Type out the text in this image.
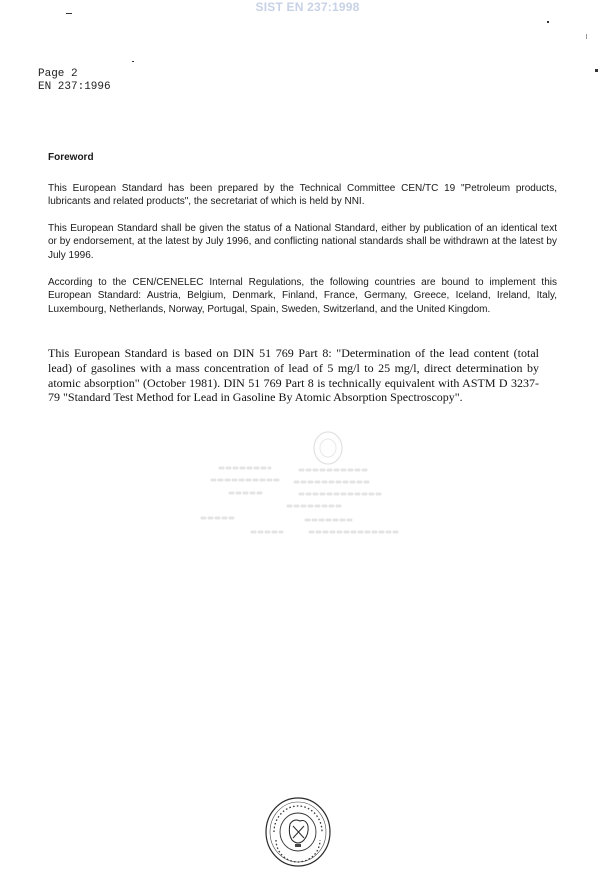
SIST EN 237:1998
Page 2
EN 237:1996
Foreword
This European Standard has been prepared by the Technical Committee CEN/TC 19 "Petroleum products, lubricants and related products", the secretariat of which is held by NNI.
This European Standard shall be given the status of a National Standard, either by publication of an identical text or by endorsement, at the latest by July 1996, and conflicting national standards shall be withdrawn at the latest by July 1996.
According to the CEN/CENELEC Internal Regulations, the following countries are bound to implement this European Standard: Austria, Belgium, Denmark, Finland, France, Germany, Greece, Iceland, Ireland, Italy, Luxembourg, Netherlands, Norway, Portugal, Spain, Sweden, Switzerland, and the United Kingdom.
This European Standard is based on DIN 51 769 Part 8: "Determination of the lead content (total lead) of gasolines with a mass concentration of lead of 5 mg/l to 25 mg/l, direct determination by atomic absorption" (October 1981). DIN 51 769 Part 8 is technically equivalent with ASTM D 3237-79 "Standard Test Method for Lead in Gasoline By Atomic Absorption Spectroscopy".
